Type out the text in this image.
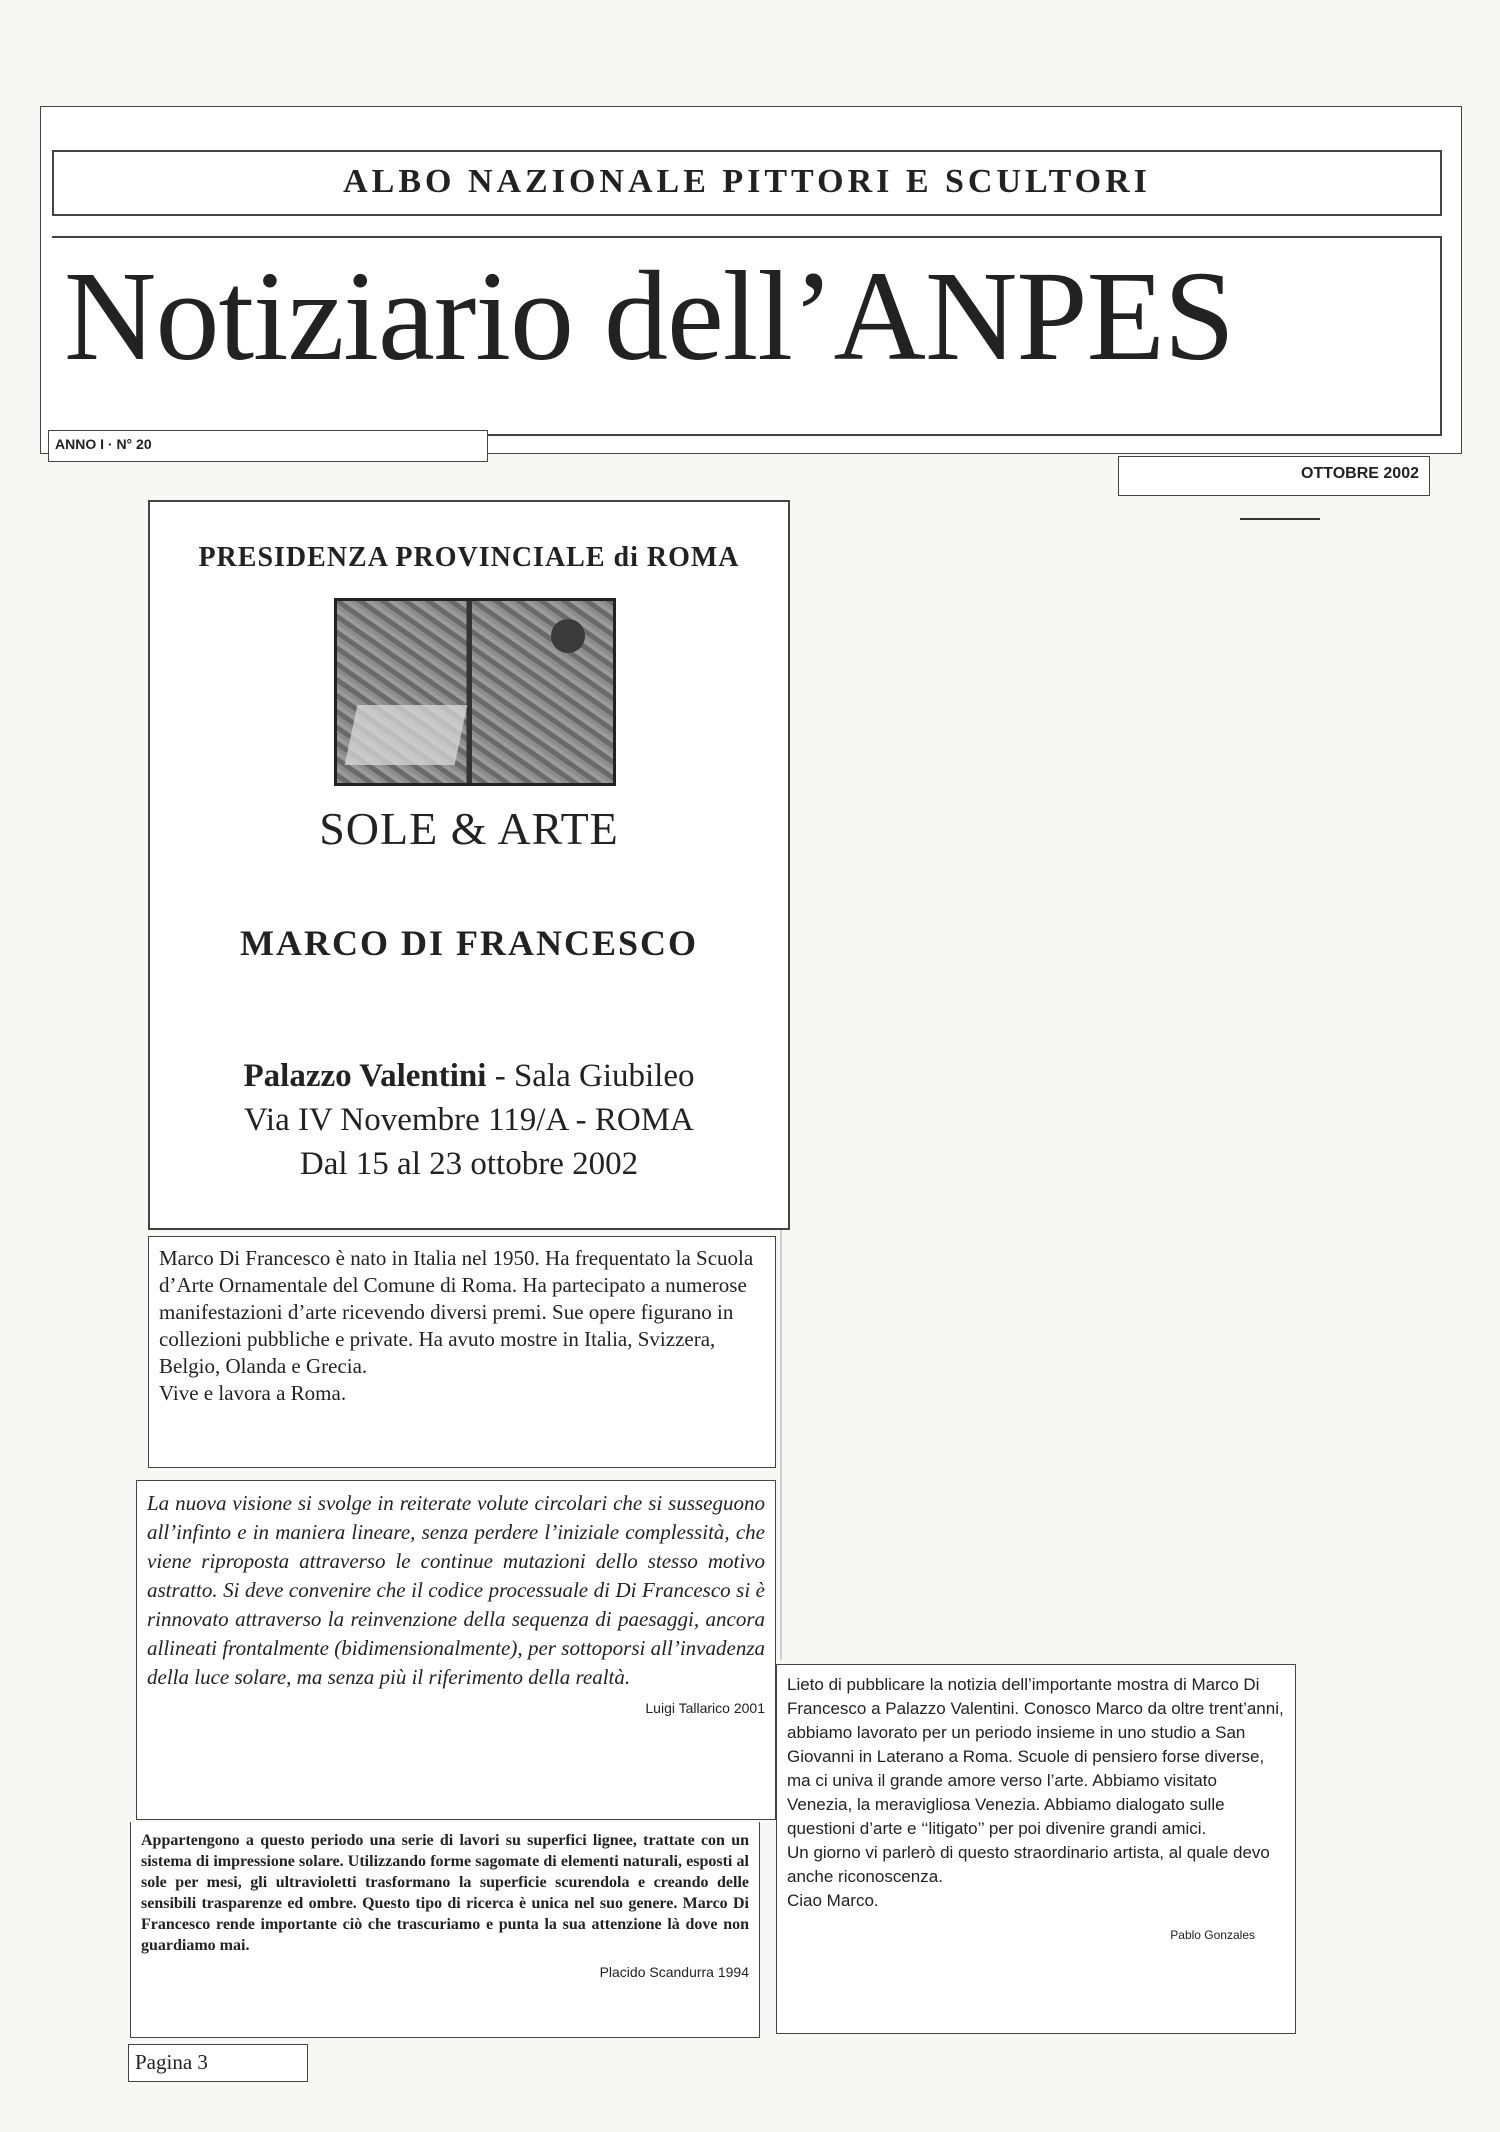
ALBO NAZIONALE PITTORI E SCULTORI
Notiziario dell’ANPES
ANNO I · N° 20
OTTOBRE 2002
PRESIDENZA PROVINCIALE di ROMA
SOLE & ARTE
MARCO DI FRANCESCO
Palazzo Valentini - Sala Giubileo
Via IV Novembre 119/A - ROMA
Dal 15 al 23 ottobre 2002
Marco Di Francesco è nato in Italia nel 1950. Ha frequentato la Scuola d’Arte Ornamentale del Comune di Roma. Ha partecipato a numerose manifestazioni d’arte ricevendo diversi premi. Sue opere figurano in collezioni pubbliche e private. Ha avuto mostre in Italia, Svizzera, Belgio, Olanda e Grecia.
Vive e lavora a Roma.
La nuova visione si svolge in reiterate volute circolari che si susseguono all’infinto e in maniera lineare, senza perdere l’iniziale complessità, che viene riproposta attraverso le continue mutazioni dello stesso motivo astratto. Si deve convenire che il codice processuale di Di Francesco si è rinnovato attraverso la reinvenzione della sequenza di paesaggi, ancora allineati frontalmente (bidimensionalmente), per sottoporsi all’invadenza della luce solare, ma senza più il riferimento della realtà.
Luigi Tallarico 2001
Appartengono a questo periodo una serie di lavori su superfici lignee, trattate con un sistema di impressione solare. Utilizzando forme sagomate di elementi naturali, esposti al sole per mesi, gli ultravioletti trasformano la superficie scurendola e creando delle sensibili trasparenze ed ombre. Questo tipo di ricerca è unica nel suo genere. Marco Di Francesco rende importante ciò che trascuriamo e punta la sua attenzione là dove non guardiamo mai.
Placido Scandurra 1994
Lieto di pubblicare la notizia dell’importante mostra di Marco Di Francesco a Palazzo Valentini. Conosco Marco da oltre trent’anni, abbiamo lavorato per un periodo insieme in uno studio a San Giovanni in Laterano a Roma. Scuole di pensiero forse diverse, ma ci univa il grande amore verso l’arte. Abbiamo visitato Venezia, la meravigliosa Venezia. Abbiamo dialogato sulle questioni d’arte e ‘‘litigato’’ per poi divenire grandi amici.
Un giorno vi parlerò di questo straordinario artista, al quale devo anche riconoscenza.
Ciao Marco.
Pablo Gonzales
Pagina 3
